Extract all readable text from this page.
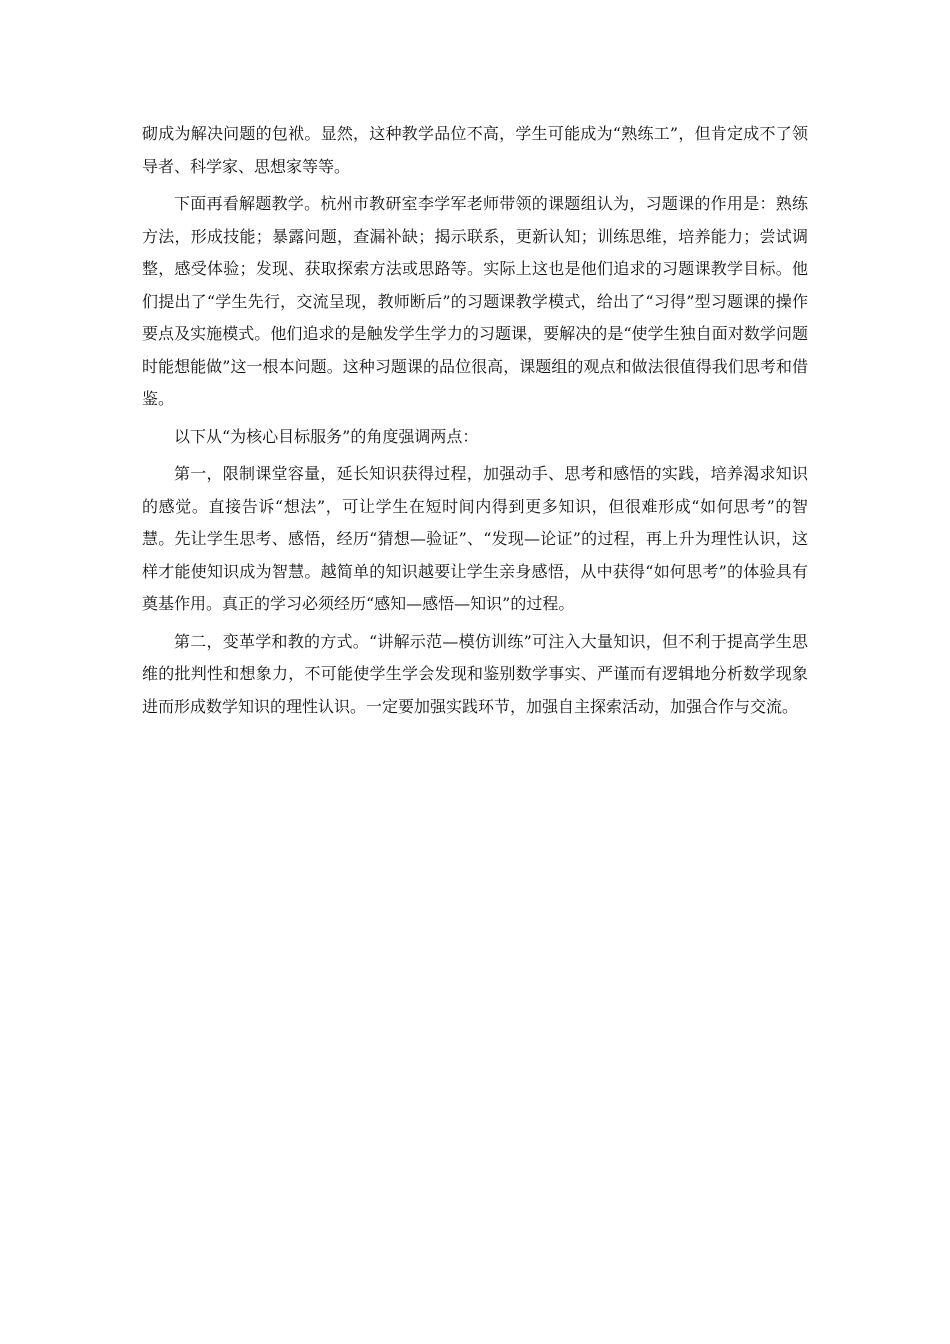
砌成为解决问题的包袱。显然，这种教学品位不高，学生可能成为“熟练工”，但肯定成不了领导者、科学家、思想家等等。

下面再看解题教学。杭州市教研室李学军老师带领的课题组认为，习题课的作用是：熟练方法，形成技能；暴露问题，查漏补缺；揭示联系，更新认知；训练思维，培养能力；尝试调整，感受体验；发现、获取探索方法或思路等。实际上这也是他们追求的习题课教学目标。他们提出了“学生先行，交流呈现，教师断后”的习题课教学模式，给出了“习得”型习题课的操作要点及实施模式。他们追求的是触发学生学力的习题课，要解决的是“使学生独自面对数学问题时能想能做”这一根本问题。这种习题课的品位很高，课题组的观点和做法很值得我们思考和借鉴。

以下从“为核心目标服务”的角度强调两点：

第一，限制课堂容量，延长知识获得过程，加强动手、思考和感悟的实践，培养渴求知识的感觉。直接告诉“想法”，可让学生在短时间内得到更多知识，但很难形成“如何思考”的智慧。先让学生思考、感悟，经历“猜想—验证”、“发现—论证”的过程，再上升为理性认识，这样才能使知识成为智慧。越简单的知识越要让学生亲身感悟，从中获得“如何思考”的体验具有奠基作用。真正的学习必须经历“感知—感悟—知识”的过程。

第二，变革学和教的方式。“讲解示范—模仿训练”可注入大量知识，但不利于提高学生思维的批判性和想象力，不可能使学生学会发现和鉴别数学事实、严谨而有逻辑地分析数学现象进而形成数学知识的理性认识。一定要加强实践环节，加强自主探索活动，加强合作与交流。
